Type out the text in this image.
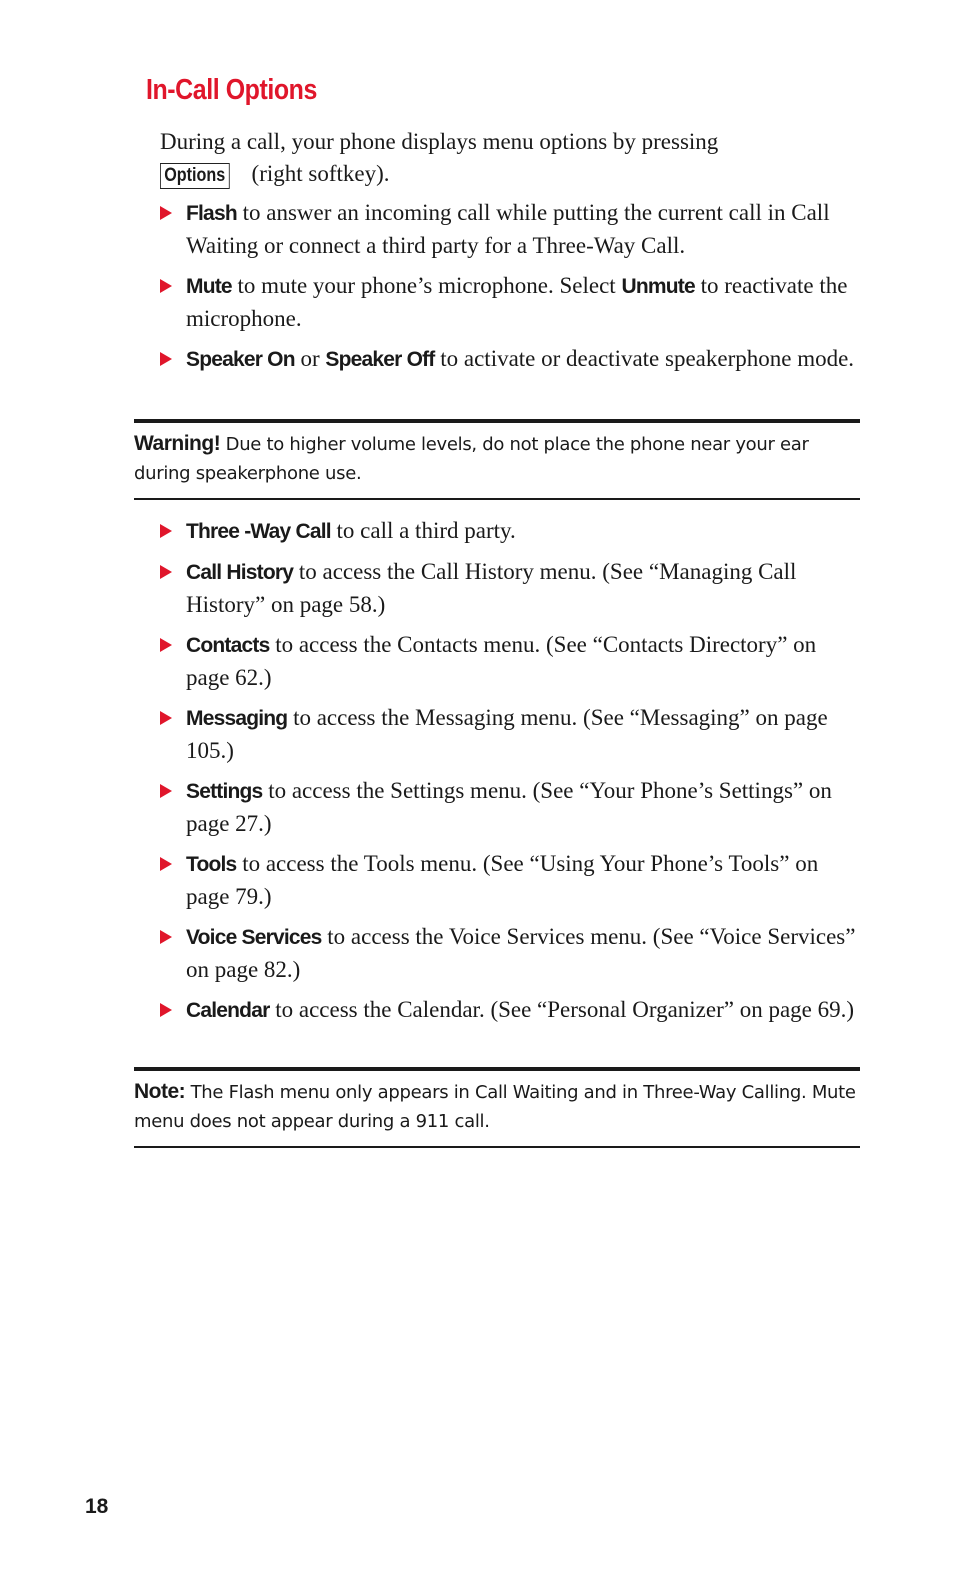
In-Call Options
During a call, your phone displays menu options by pressing
Options (right softkey).
Flash to answer an incoming call while putting the current call in Call Waiting or connect a third party for a Three-Way Call.
Mute to mute your phone’s microphone. Select Unmute to reactivate the microphone.
Speaker On or Speaker Off to activate or deactivate speakerphone mode.
Warning! Due to higher volume levels, do not place the phone near your ear during speakerphone use.
Three -Way Call to call a third party.
Call History to access the Call History menu. (See “Managing Call History” on page 58.)
Contacts to access the Contacts menu. (See “Contacts Directory” on page 62.)
Messaging to access the Messaging menu. (See “Messaging” on page 105.)
Settings to access the Settings menu. (See “Your Phone’s Settings” on page 27.)
Tools to access the Tools menu. (See “Using Your Phone’s Tools” on page 79.)
Voice Services to access the Voice Services menu. (See “Voice Services” on page 82.)
Calendar to access the Calendar. (See “Personal Organizer” on page 69.)
Note: The Flash menu only appears in Call Waiting and in Three-Way Calling. Mute menu does not appear during a 911 call.
18
